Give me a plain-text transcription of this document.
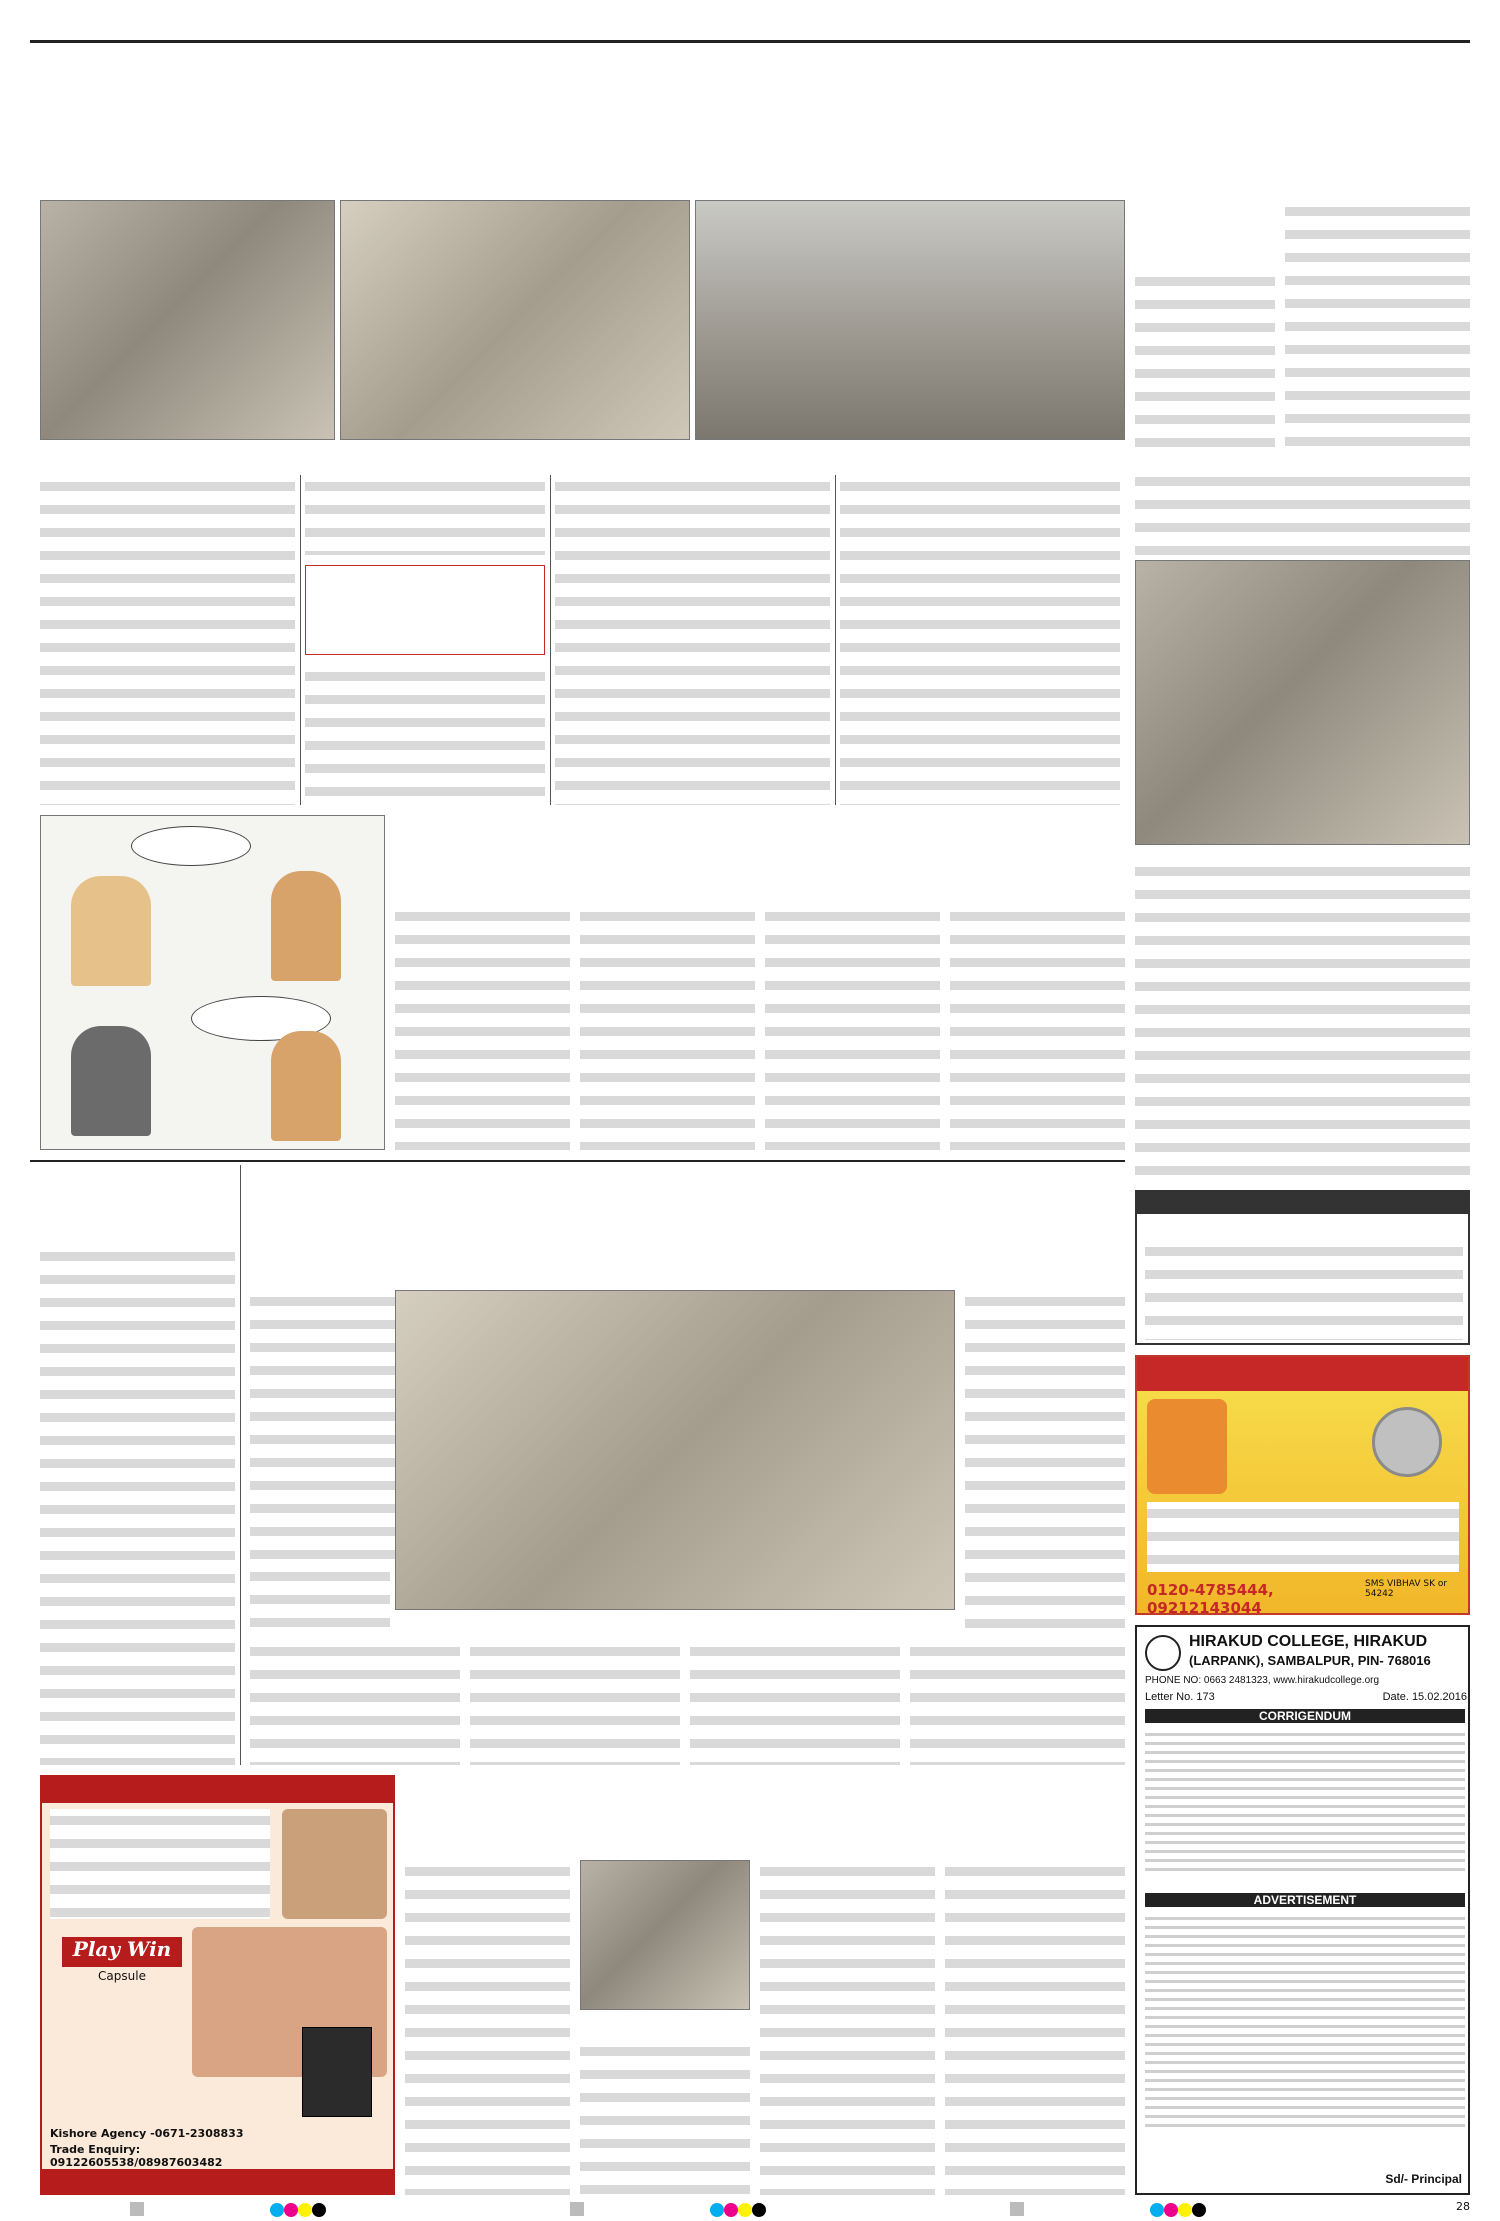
0120-4785444, 09212143044
SMS VIBHAV SK or 54242
HIRAKUD COLLEGE, HIRAKUD
(LARPANK), SAMBALPUR, PIN- 768016
PHONE NO: 0663 2481323, www.hirakudcollege.org
Letter No. 173	Date. 15.02.2016
CORRIGENDUM
ADVERTISEMENT
Sd/- Principal
Play Win
Capsule
Kishore Agency -0671-2308833
Trade Enquiry: 09122605538/08987603482
28
